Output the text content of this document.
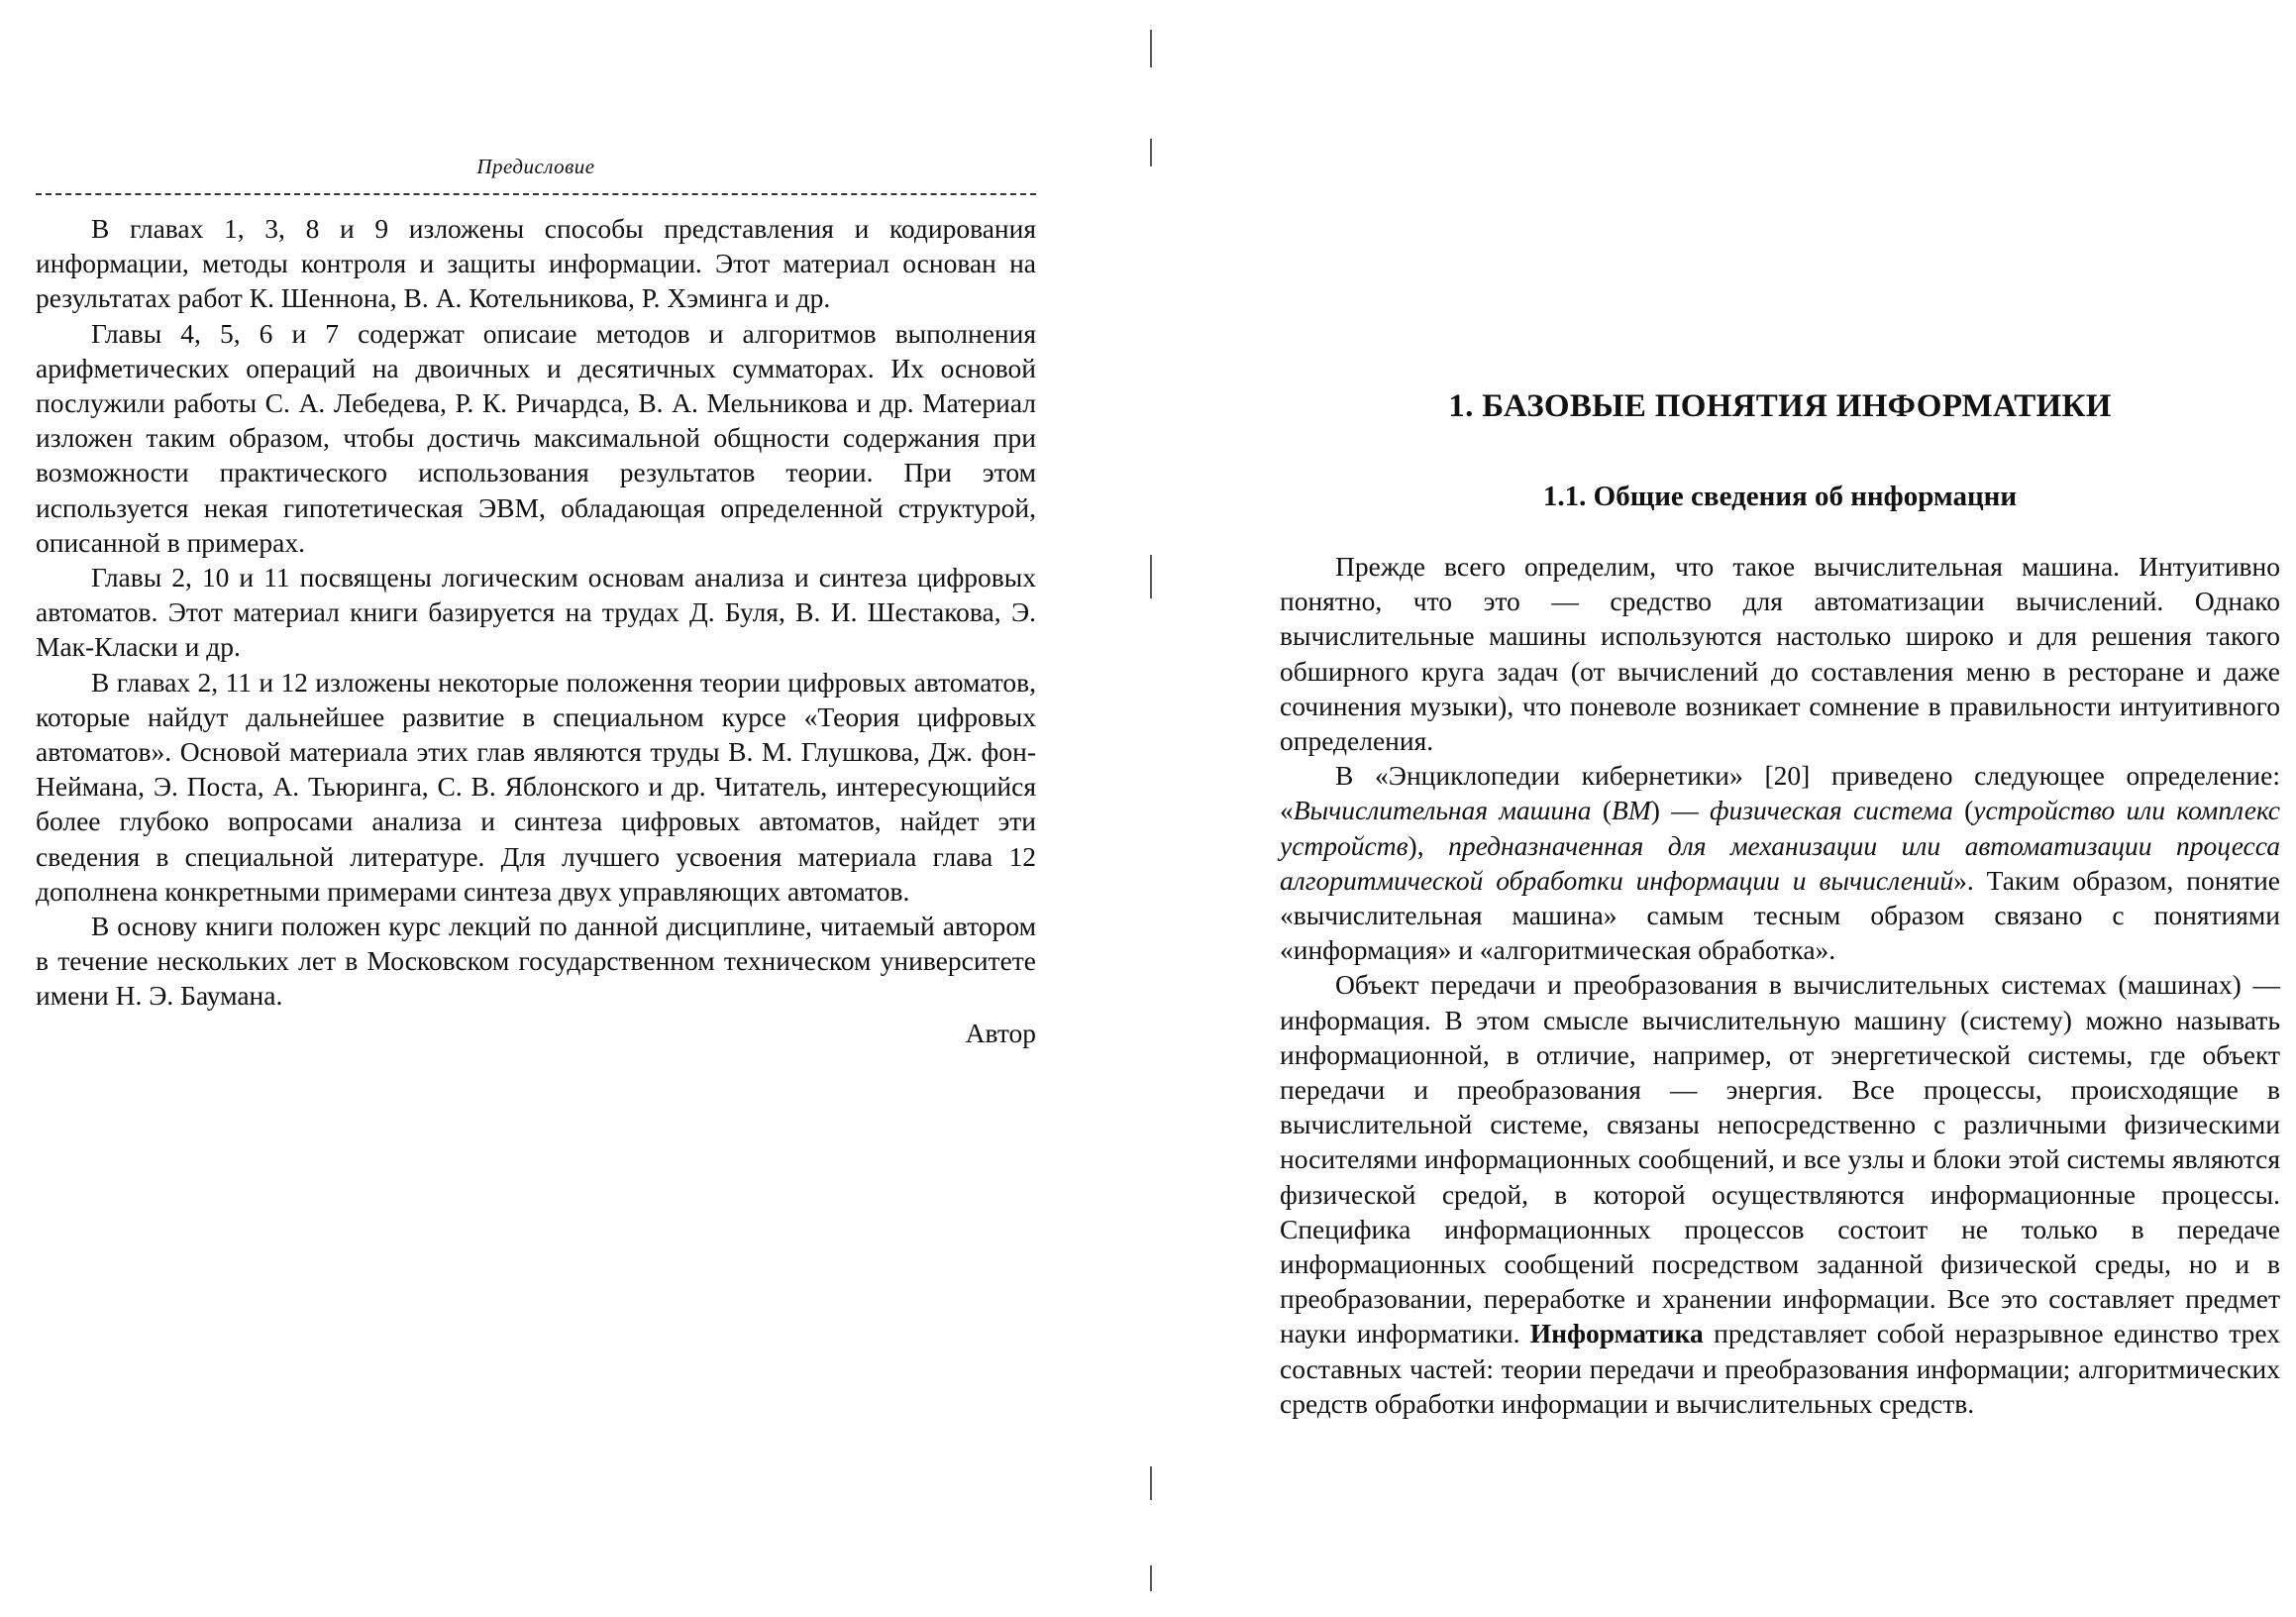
Предисловие

В главах 1, 3, 8 и 9 изложены способы представления и кодирования информации, методы контроля и защиты информации. Этот материал основан на результатах работ К. Шеннона, В. А. Котельникова, Р. Хэминга и др.

Главы 4, 5, 6 и 7 содержат описаие методов и алгоритмов выполнения арифметических операций на двоичных и десятичных сумматорах. Их основой послужили работы С. А. Лебедева, Р. К. Ричардса, В. А. Мельникова и др. Материал изложен таким образом, чтобы достичь максимальной общности содержания при возможности практического использования результатов теории. При этом используется некая гипотетическая ЭВМ, обладающая определенной структурой, описанной в примерах.

Главы 2, 10 и 11 посвящены логическим основам анализа и синтеза цифровых автоматов. Этот материал книги базируется на трудах Д. Буля, В. И. Шестакова, Э. Мак-Класки и др.

В главах 2, 11 и 12 изложены некоторые положення теории цифровых автоматов, которые найдут дальнейшее развитие в специальном курсе «Теория цифровых автоматов». Основой материала этих глав являются труды В. М. Глушкова, Дж. фон-Неймана, Э. Поста, А. Тьюринга, С. В. Яблонского и др. Читатель, интересующийся более глубоко вопросами анализа и синтеза цифровых автоматов, найдет эти сведения в специальной литературе. Для лучшего усвоения материала глава 12 дополнена конкретными примерами синтеза двух управляющих автоматов.

В основу книги положен курс лекций по данной дисциплине, читаемый автором в течение нескольких лет в Московском государственном техническом университете имени Н. Э. Баумана.

Автор

1. БАЗОВЫЕ ПОНЯТИЯ ИНФОРМАТИКИ
1.1. Общие сведения об ннформацни

Прежде всего определим, что такое вычислительная машина. Интуитивно понятно, что это — средство для автоматизации вычислений. Однако вычислительные машины используются настолько широко и для решения такого обширного круга задач (от вычислений до составления меню в ресторане и даже сочинения музыки), что поневоле возникает сомнение в правильности интуитивного определения.

В «Энциклопедии кибернетики» [20] приведено следующее определение: «Вычислительная машина (ВМ) — физическая система (устройство или комплекс устройств), предназначенная для механизации или автоматизации процесса алгоритмической обработки информации и вычислений». Таким образом, понятие «вычислительная машина» самым тесным образом связано с понятиями «информация» и «алгоритмическая обработка».

Объект передачи и преобразования в вычислительных системах (машинах) — информация. В этом смысле вычислительную машину (систему) можно называть информационной, в отличие, например, от энергетической системы, где объект передачи и преобразования — энергия. Все процессы, происходящие в вычислительной системе, связаны непосредственно с различными физическими носителями информационных сообщений, и все узлы и блоки этой системы являются физической средой, в которой осуществляются информационные процессы. Специфика информационных процессов состоит не только в передаче информационных сообщений посредством заданной физической среды, но и в преобразовании, переработке и хранении информации. Все это составляет предмет науки информатики. Информатика представляет собой неразрывное единство трех составных частей: теории передачи и преобразования информации; алгоритмических средств обработки информации и вычислительных средств.
